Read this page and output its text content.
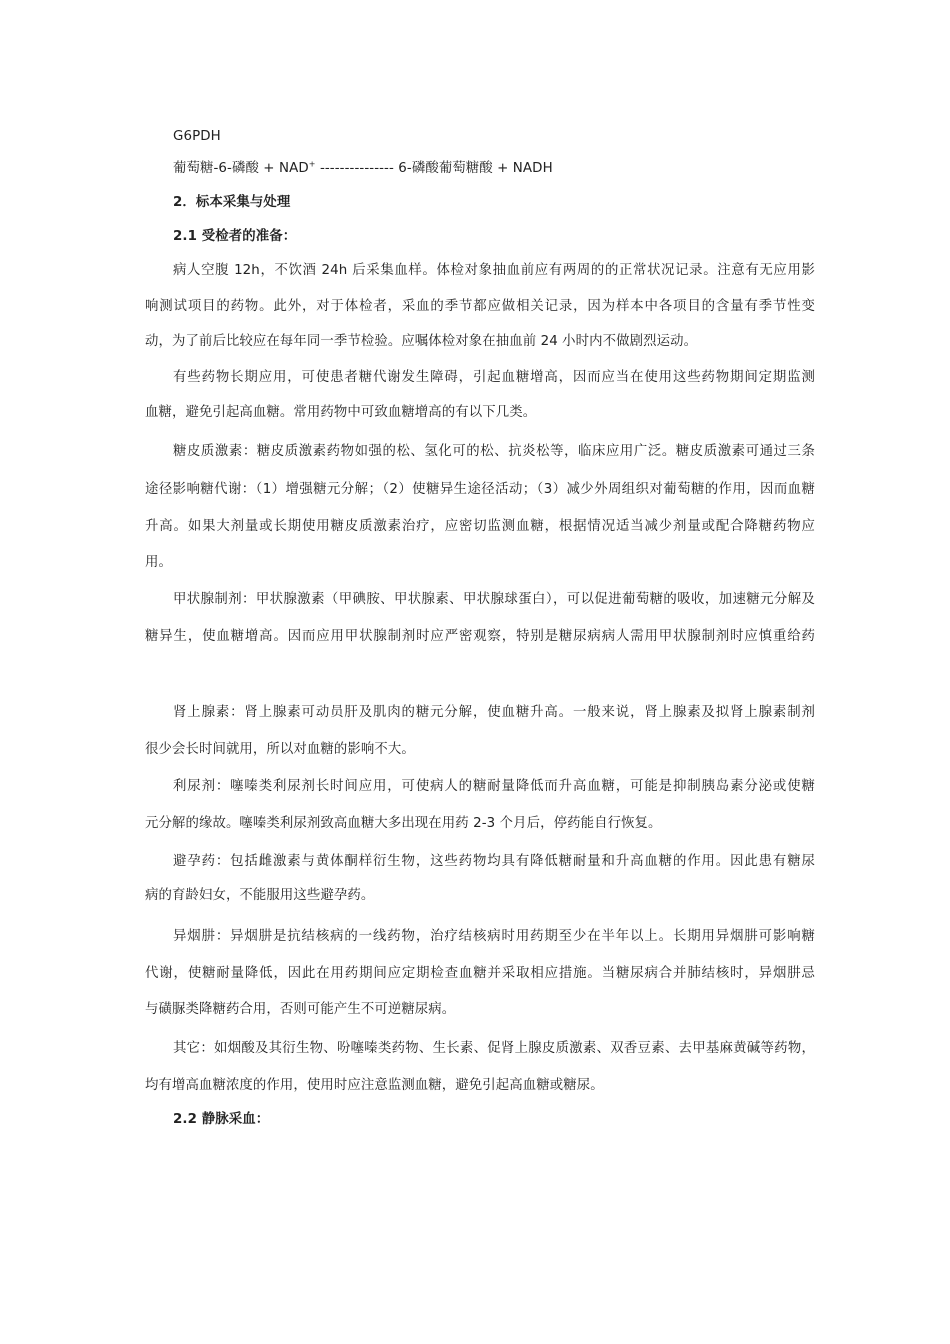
G6PDH
葡萄糖-6-磷酸 + NAD+ --------------- 6-磷酸葡萄糖酸 + NADH
2．标本采集与处理
2.1 受检者的准备：
病人空腹 12h，不饮酒 24h 后采集血样。体检对象抽血前应有两周的的正常状况记录。注意有无应用影
响测试项目的药物。此外，对于体检者，采血的季节都应做相关记录，因为样本中各项目的含量有季节性变
动，为了前后比较应在每年同一季节检验。应嘱体检对象在抽血前 24 小时内不做剧烈运动。
有些药物长期应用，可使患者糖代谢发生障碍，引起血糖增高，因而应当在使用这些药物期间定期监测
血糖，避免引起高血糖。常用药物中可致血糖增高的有以下几类。
糖皮质激素：糖皮质激素药物如强的松、氢化可的松、抗炎松等，临床应用广泛。糖皮质激素可通过三条
途径影响糖代谢：（1）增强糖元分解；（2）使糖异生途径活动；（3）减少外周组织对葡萄糖的作用，因而血糖
升高。如果大剂量或长期使用糖皮质激素治疗，应密切监测血糖，根据情况适当减少剂量或配合降糖药物应
用。
甲状腺制剂：甲状腺激素（甲碘胺、甲状腺素、甲状腺球蛋白），可以促进葡萄糖的吸收，加速糖元分解及
糖异生，使血糖增高。因而应用甲状腺制剂时应严密观察，特别是糖尿病病人需用甲状腺制剂时应慎重给药
肾上腺素：肾上腺素可动员肝及肌肉的糖元分解，使血糖升高。一般来说，肾上腺素及拟肾上腺素制剂
很少会长时间就用，所以对血糖的影响不大。
利尿剂：噻嗪类利尿剂长时间应用，可使病人的糖耐量降低而升高血糖，可能是抑制胰岛素分泌或使糖
元分解的缘故。噻嗪类利尿剂致高血糖大多出现在用药 2-3 个月后，停药能自行恢复。
避孕药：包括雌激素与黄体酮样衍生物，这些药物均具有降低糖耐量和升高血糖的作用。因此患有糖尿
病的育龄妇女，不能服用这些避孕药。
异烟肼：异烟肼是抗结核病的一线药物，治疗结核病时用药期至少在半年以上。长期用异烟肼可影响糖
代谢，使糖耐量降低，因此在用药期间应定期检查血糖并采取相应措施。当糖尿病合并肺结核时，异烟肼忌
与磺脲类降糖药合用，否则可能产生不可逆糖尿病。
其它：如烟酸及其衍生物、吩噻嗪类药物、生长素、促肾上腺皮质激素、双香豆素、去甲基麻黄碱等药物，
均有增高血糖浓度的作用，使用时应注意监测血糖，避免引起高血糖或糖尿。
2.2 静脉采血：
